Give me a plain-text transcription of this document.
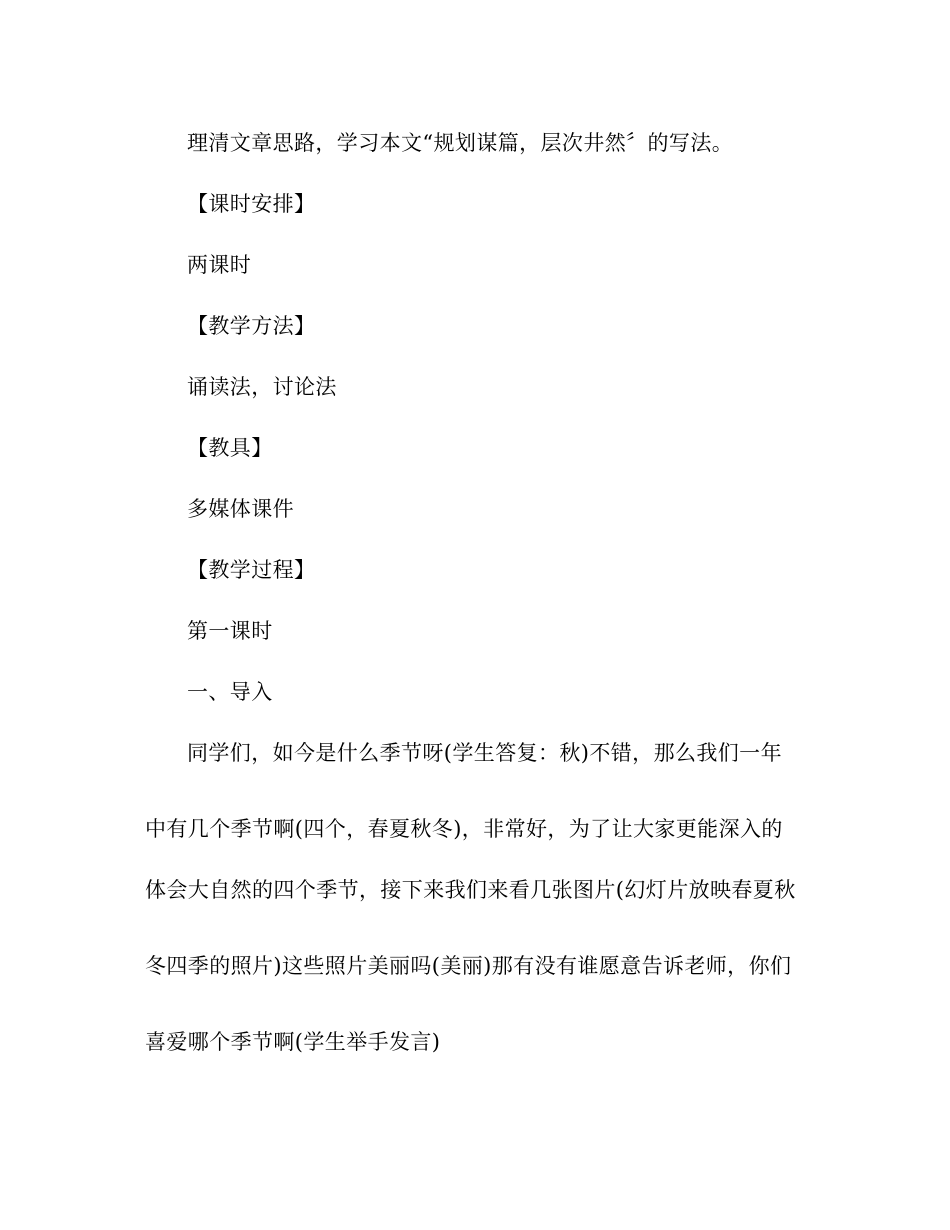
理清文章思路，学习本文“规划谋篇，层次井然〞的写法。
【课时安排】
两课时
【教学方法】
诵读法，讨论法
【教具】
多媒体课件
【教学过程】
第一课时
一、导入
同学们，如今是什么季节呀(学生答复：秋)不错，那么我们一年
中有几个季节啊(四个，春夏秋冬)，非常好，为了让大家更能深入的
体会大自然的四个季节，接下来我们来看几张图片(幻灯片放映春夏秋
冬四季的照片)这些照片美丽吗(美丽)那有没有谁愿意告诉老师，你们
喜爱哪个季节啊(学生举手发言)
